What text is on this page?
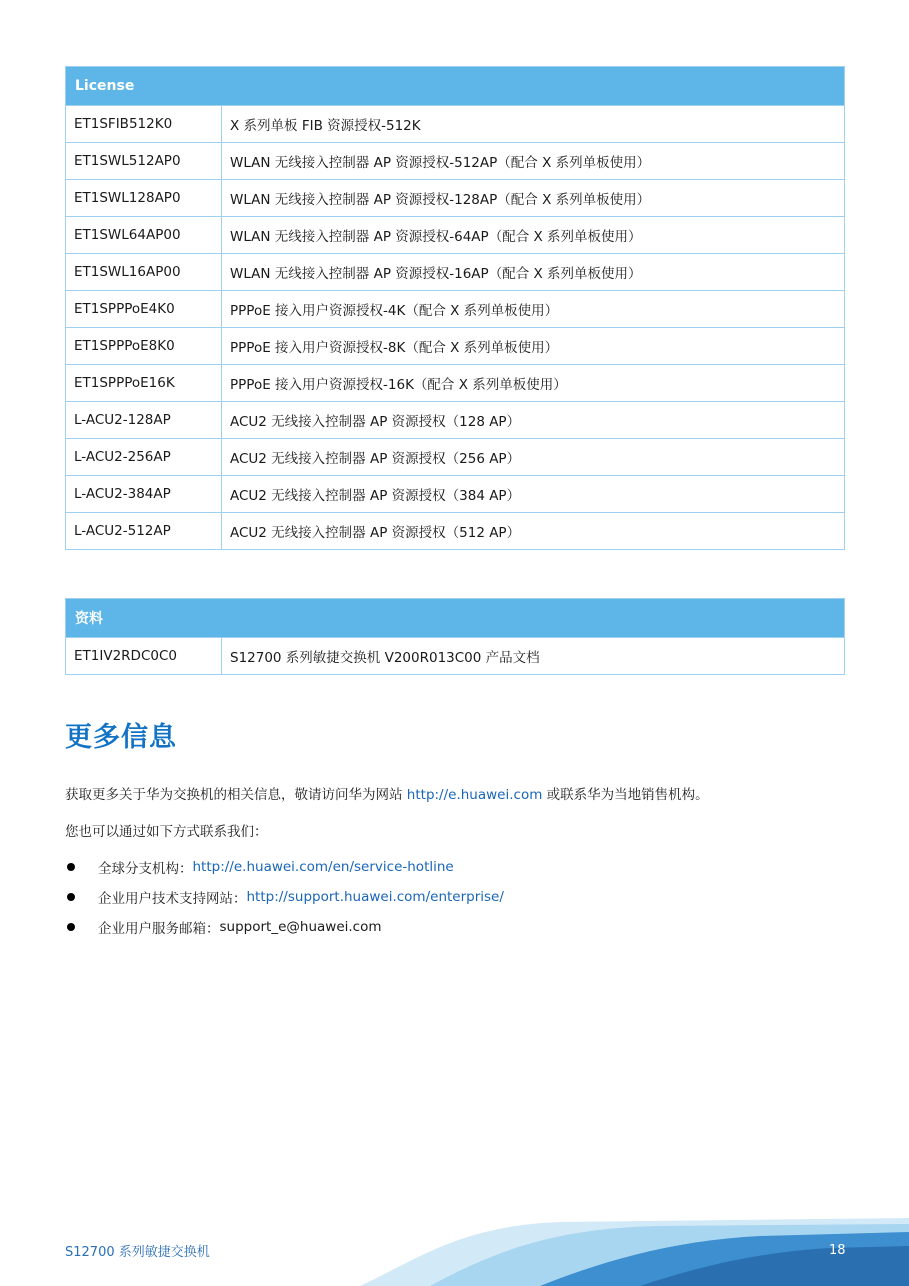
License	
ET1SFIB512K0	X 系列单板 FIB 资源授权-512K
ET1SWL512AP0	WLAN 无线接入控制器 AP 资源授权-512AP（配合 X 系列单板使用）
ET1SWL128AP0	WLAN 无线接入控制器 AP 资源授权-128AP（配合 X 系列单板使用）
ET1SWL64AP00	WLAN 无线接入控制器 AP 资源授权-64AP（配合 X 系列单板使用）
ET1SWL16AP00	WLAN 无线接入控制器 AP 资源授权-16AP（配合 X 系列单板使用）
ET1SPPPoE4K0	PPPoE 接入用户资源授权-4K（配合 X 系列单板使用）
ET1SPPPoE8K0	PPPoE 接入用户资源授权-8K（配合 X 系列单板使用）
ET1SPPPoE16K	PPPoE 接入用户资源授权-16K（配合 X 系列单板使用）
L-ACU2-128AP	ACU2 无线接入控制器 AP 资源授权（128 AP）
L-ACU2-256AP	ACU2 无线接入控制器 AP 资源授权（256 AP）
L-ACU2-384AP	ACU2 无线接入控制器 AP 资源授权（384 AP）
L-ACU2-512AP	ACU2 无线接入控制器 AP 资源授权（512 AP）
资料
ET1IV2RDC0C0	S12700 系列敏捷交换机 V200R013C00 产品文档
更多信息

获取更多关于华为交换机的相关信息，敬请访问华为网站 http://e.huawei.com 或联系华为当地销售机构。

您也可以通过如下方式联系我们：

全球分支机构： http://e.huawei.com/en/service-hotline
企业用户技术支持网站： http://support.huawei.com/enterprise/
企业用户服务邮箱： support_e@huawei.com
S12700 系列敏捷交换机	18
